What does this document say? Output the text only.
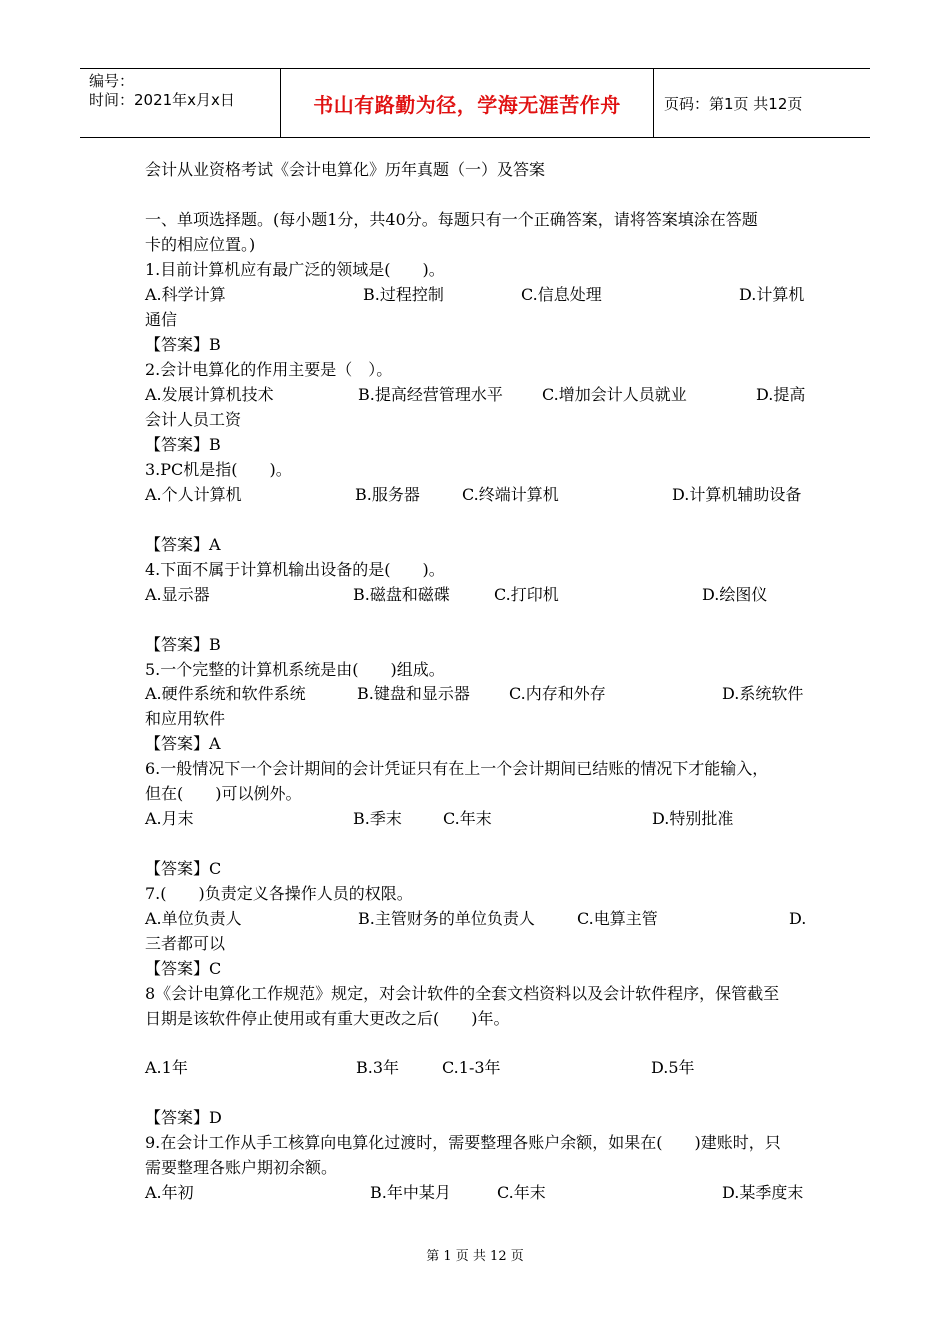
编号：
时间：2021年x月x日	书山有路勤为径，学海无涯苦作舟	页码：第1页 共12页
会计从业资格考试《会计电算化》历年真题（一）及答案
一、单项选择题。(每小题1分，共40分。每题只有一个正确答案，请将答案填涂在答题
卡的相应位置。)
1.目前计算机应有最广泛的领域是(　　)。
A.科学计算	B.过程控制	C.信息处理	D.计算机
通信
【答案】B
2.会计电算化的作用主要是（　）。
A.发展计算机技术	B.提高经营管理水平 C.增加会计人员就业	D.提高
会计人员工资
【答案】B
3.PC机是指(　　)。
A.个人计算机	B.服务器	C.终端计算机	D.计算机辅助设备
【答案】A
4.下面不属于计算机输出设备的是(　　)。
A.显示器	B.磁盘和磁碟	C.打印机	D.绘图仪
【答案】B
5.一个完整的计算机系统是由(　　)组成。
A.硬件系统和软件系统	B.键盘和显示器 C.内存和外存	D.系统软件
和应用软件
【答案】A
6.一般情况下一个会计期间的会计凭证只有在上一个会计期间已结账的情况下才能输入，
但在(　　)可以例外。
A.月末	B.季末	C.年末	D.特别批准
【答案】C
7.(　　)负责定义各操作人员的权限。
A.单位负责人	B.主管财务的单位负责人	C.电算主管	D.
三者都可以
【答案】C
8《会计电算化工作规范》规定，对会计软件的全套文档资料以及会计软件程序，保管截至
日期是该软件停止使用或有重大更改之后(　　)年。
A.1年	B.3年	C.1-3年	D.5年
【答案】D
9.在会计工作从手工核算向电算化过渡时，需要整理各账户余额，如果在(　　)建账时，只
需要整理各账户期初余额。
A.年初	B.年中某月	C.年末	D.某季度末
第 1 页 共 12 页
